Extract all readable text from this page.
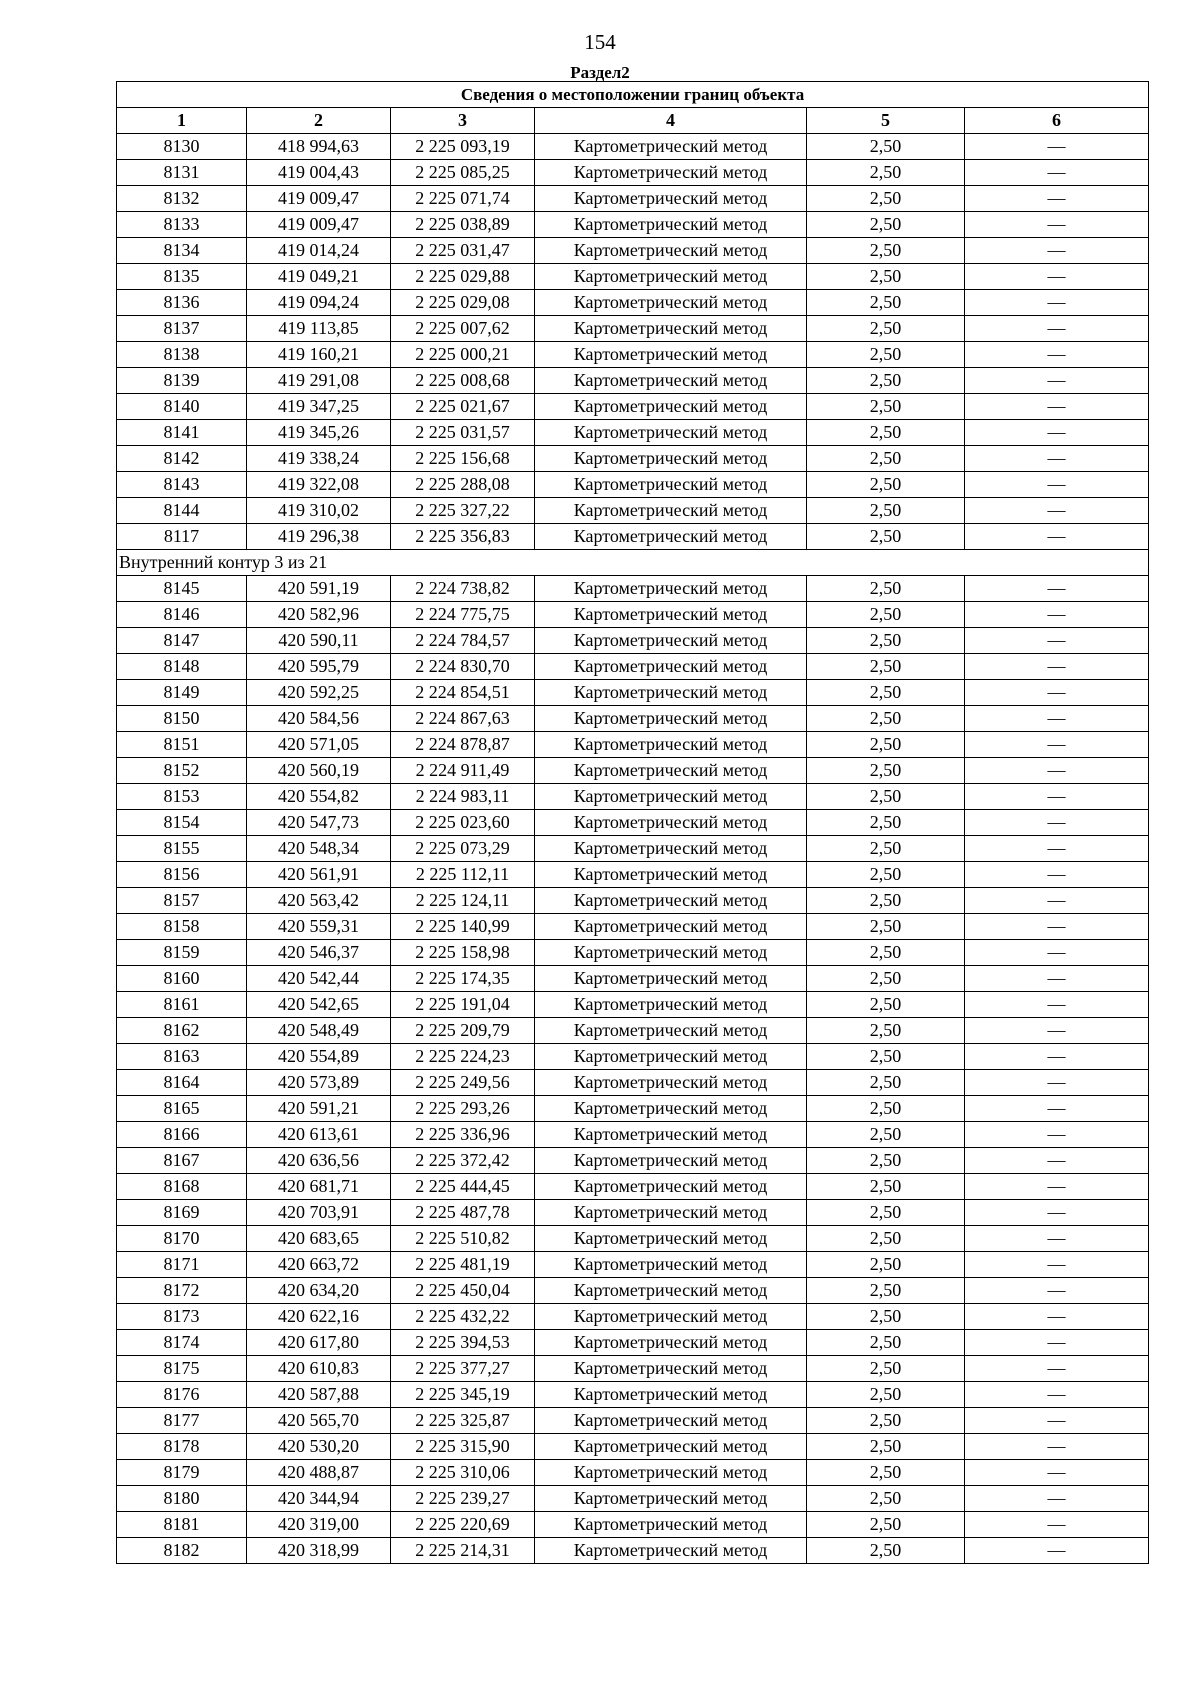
154
Раздел2
Сведения о местоположении границ объекта					
1	2	3	4	5	6
8130	418 994,63	2 225 093,19	Картометрический метод	2,50	—
8131	419 004,43	2 225 085,25	Картометрический метод	2,50	—
8132	419 009,47	2 225 071,74	Картометрический метод	2,50	—
8133	419 009,47	2 225 038,89	Картометрический метод	2,50	—
8134	419 014,24	2 225 031,47	Картометрический метод	2,50	—
8135	419 049,21	2 225 029,88	Картометрический метод	2,50	—
8136	419 094,24	2 225 029,08	Картометрический метод	2,50	—
8137	419 113,85	2 225 007,62	Картометрический метод	2,50	—
8138	419 160,21	2 225 000,21	Картометрический метод	2,50	—
8139	419 291,08	2 225 008,68	Картометрический метод	2,50	—
8140	419 347,25	2 225 021,67	Картометрический метод	2,50	—
8141	419 345,26	2 225 031,57	Картометрический метод	2,50	—
8142	419 338,24	2 225 156,68	Картометрический метод	2,50	—
8143	419 322,08	2 225 288,08	Картометрический метод	2,50	—
8144	419 310,02	2 225 327,22	Картометрический метод	2,50	—
8117	419 296,38	2 225 356,83	Картометрический метод	2,50	—
Внутренний контур 3 из 21					
8145	420 591,19	2 224 738,82	Картометрический метод	2,50	—
8146	420 582,96	2 224 775,75	Картометрический метод	2,50	—
8147	420 590,11	2 224 784,57	Картометрический метод	2,50	—
8148	420 595,79	2 224 830,70	Картометрический метод	2,50	—
8149	420 592,25	2 224 854,51	Картометрический метод	2,50	—
8150	420 584,56	2 224 867,63	Картометрический метод	2,50	—
8151	420 571,05	2 224 878,87	Картометрический метод	2,50	—
8152	420 560,19	2 224 911,49	Картометрический метод	2,50	—
8153	420 554,82	2 224 983,11	Картометрический метод	2,50	—
8154	420 547,73	2 225 023,60	Картометрический метод	2,50	—
8155	420 548,34	2 225 073,29	Картометрический метод	2,50	—
8156	420 561,91	2 225 112,11	Картометрический метод	2,50	—
8157	420 563,42	2 225 124,11	Картометрический метод	2,50	—
8158	420 559,31	2 225 140,99	Картометрический метод	2,50	—
8159	420 546,37	2 225 158,98	Картометрический метод	2,50	—
8160	420 542,44	2 225 174,35	Картометрический метод	2,50	—
8161	420 542,65	2 225 191,04	Картометрический метод	2,50	—
8162	420 548,49	2 225 209,79	Картометрический метод	2,50	—
8163	420 554,89	2 225 224,23	Картометрический метод	2,50	—
8164	420 573,89	2 225 249,56	Картометрический метод	2,50	—
8165	420 591,21	2 225 293,26	Картометрический метод	2,50	—
8166	420 613,61	2 225 336,96	Картометрический метод	2,50	—
8167	420 636,56	2 225 372,42	Картометрический метод	2,50	—
8168	420 681,71	2 225 444,45	Картометрический метод	2,50	—
8169	420 703,91	2 225 487,78	Картометрический метод	2,50	—
8170	420 683,65	2 225 510,82	Картометрический метод	2,50	—
8171	420 663,72	2 225 481,19	Картометрический метод	2,50	—
8172	420 634,20	2 225 450,04	Картометрический метод	2,50	—
8173	420 622,16	2 225 432,22	Картометрический метод	2,50	—
8174	420 617,80	2 225 394,53	Картометрический метод	2,50	—
8175	420 610,83	2 225 377,27	Картометрический метод	2,50	—
8176	420 587,88	2 225 345,19	Картометрический метод	2,50	—
8177	420 565,70	2 225 325,87	Картометрический метод	2,50	—
8178	420 530,20	2 225 315,90	Картометрический метод	2,50	—
8179	420 488,87	2 225 310,06	Картометрический метод	2,50	—
8180	420 344,94	2 225 239,27	Картометрический метод	2,50	—
8181	420 319,00	2 225 220,69	Картометрический метод	2,50	—
8182	420 318,99	2 225 214,31	Картометрический метод	2,50	—
